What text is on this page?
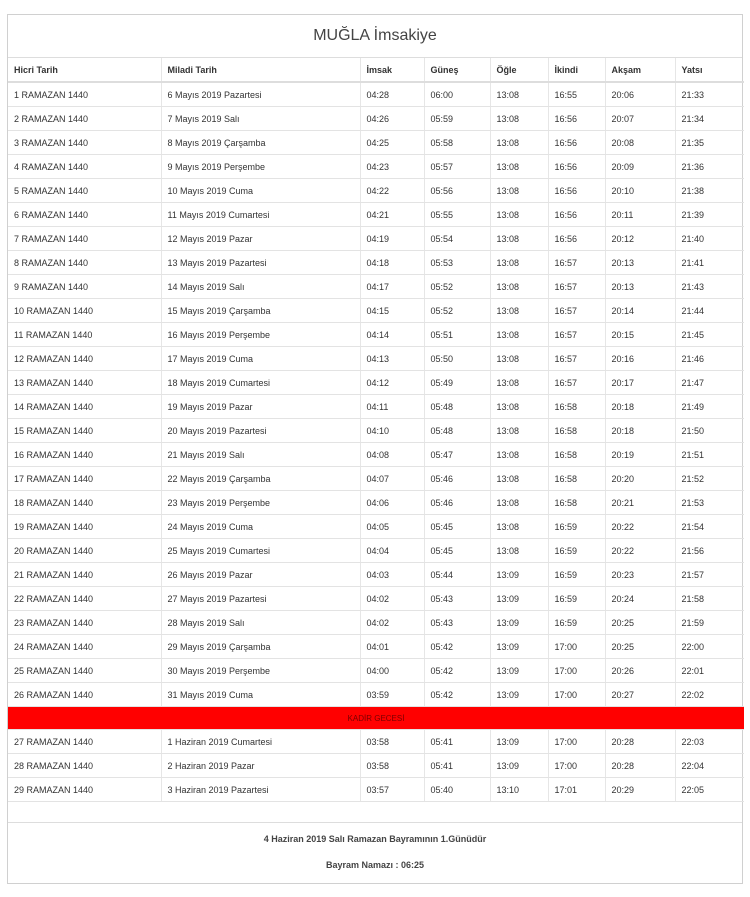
MUĞLA İmsakiye
Hicri Tarih	Miladi Tarih	İmsak	Güneş	Öğle	İkindi	Akşam	Yatsı
1 RAMAZAN 1440	6 Mayıs 2019 Pazartesi	04:28	06:00	13:08	16:55	20:06	21:33
2 RAMAZAN 1440	7 Mayıs 2019 Salı	04:26	05:59	13:08	16:56	20:07	21:34
3 RAMAZAN 1440	8 Mayıs 2019 Çarşamba	04:25	05:58	13:08	16:56	20:08	21:35
4 RAMAZAN 1440	9 Mayıs 2019 Perşembe	04:23	05:57	13:08	16:56	20:09	21:36
5 RAMAZAN 1440	10 Mayıs 2019 Cuma	04:22	05:56	13:08	16:56	20:10	21:38
6 RAMAZAN 1440	11 Mayıs 2019 Cumartesi	04:21	05:55	13:08	16:56	20:11	21:39
7 RAMAZAN 1440	12 Mayıs 2019 Pazar	04:19	05:54	13:08	16:56	20:12	21:40
8 RAMAZAN 1440	13 Mayıs 2019 Pazartesi	04:18	05:53	13:08	16:57	20:13	21:41
9 RAMAZAN 1440	14 Mayıs 2019 Salı	04:17	05:52	13:08	16:57	20:13	21:43
10 RAMAZAN 1440	15 Mayıs 2019 Çarşamba	04:15	05:52	13:08	16:57	20:14	21:44
11 RAMAZAN 1440	16 Mayıs 2019 Perşembe	04:14	05:51	13:08	16:57	20:15	21:45
12 RAMAZAN 1440	17 Mayıs 2019 Cuma	04:13	05:50	13:08	16:57	20:16	21:46
13 RAMAZAN 1440	18 Mayıs 2019 Cumartesi	04:12	05:49	13:08	16:57	20:17	21:47
14 RAMAZAN 1440	19 Mayıs 2019 Pazar	04:11	05:48	13:08	16:58	20:18	21:49
15 RAMAZAN 1440	20 Mayıs 2019 Pazartesi	04:10	05:48	13:08	16:58	20:18	21:50
16 RAMAZAN 1440	21 Mayıs 2019 Salı	04:08	05:47	13:08	16:58	20:19	21:51
17 RAMAZAN 1440	22 Mayıs 2019 Çarşamba	04:07	05:46	13:08	16:58	20:20	21:52
18 RAMAZAN 1440	23 Mayıs 2019 Perşembe	04:06	05:46	13:08	16:58	20:21	21:53
19 RAMAZAN 1440	24 Mayıs 2019 Cuma	04:05	05:45	13:08	16:59	20:22	21:54
20 RAMAZAN 1440	25 Mayıs 2019 Cumartesi	04:04	05:45	13:08	16:59	20:22	21:56
21 RAMAZAN 1440	26 Mayıs 2019 Pazar	04:03	05:44	13:09	16:59	20:23	21:57
22 RAMAZAN 1440	27 Mayıs 2019 Pazartesi	04:02	05:43	13:09	16:59	20:24	21:58
23 RAMAZAN 1440	28 Mayıs 2019 Salı	04:02	05:43	13:09	16:59	20:25	21:59
24 RAMAZAN 1440	29 Mayıs 2019 Çarşamba	04:01	05:42	13:09	17:00	20:25	22:00
25 RAMAZAN 1440	30 Mayıs 2019 Perşembe	04:00	05:42	13:09	17:00	20:26	22:01
26 RAMAZAN 1440	31 Mayıs 2019 Cuma	03:59	05:42	13:09	17:00	20:27	22:02
KADİR GECESİ							
27 RAMAZAN 1440	1 Haziran 2019 Cumartesi	03:58	05:41	13:09	17:00	20:28	22:03
28 RAMAZAN 1440	2 Haziran 2019 Pazar	03:58	05:41	13:09	17:00	20:28	22:04
29 RAMAZAN 1440	3 Haziran 2019 Pazartesi	03:57	05:40	13:10	17:01	20:29	22:05
4 Haziran 2019 Salı Ramazan Bayramının 1.Günüdür
Bayram Namazı : 06:25
